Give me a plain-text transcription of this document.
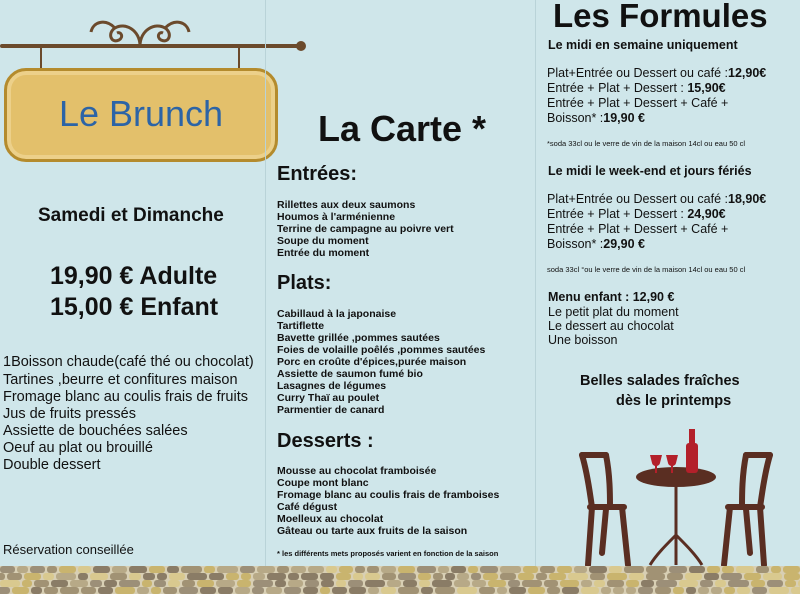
Le Brunch
Samedi et Dimanche
19,90 € Adulte
15,00 € Enfant
1Boisson chaude(café thé ou chocolat)
Tartines ,beurre et confitures maison
Fromage blanc au coulis frais de fruits
Jus de fruits pressés
Assiette de bouchées salées
Oeuf au plat ou brouillé
Double dessert
Réservation conseillée
La Carte *
Entrées:
Rillettes aux deux saumons
Houmos à l'arménienne
Terrine de campagne au poivre vert
Soupe du moment
Entrée du moment
Plats:
Cabillaud à la japonaise
Tartiflette
Bavette grillée ,pommes sautées
Foies de volaille poêlés ,pommes sautées
Porc en croûte d'épices,purée maison
Assiette de saumon fumé bio
Lasagnes de légumes
Curry Thaï au poulet
Parmentier de canard
Desserts :
Mousse au chocolat framboisée
Coupe mont blanc
Fromage blanc au coulis frais de framboises
Café dégust
Moelleux au chocolat
Gâteau ou tarte aux fruits de la saison
* les différents mets proposés varient en fonction de la saison
Les Formules
Le midi en semaine uniquement
Plat+Entrée ou Dessert ou café :12,90€
Entrée + Plat + Dessert : 15,90€
Entrée + Plat + Dessert + Café +
Boisson* :19,90 €
*soda 33cl ou le verre de vin de la maison 14cl ou eau 50 cl
Le midi le week-end et jours fériés
Plat+Entrée ou Dessert ou café :18,90€
Entrée + Plat + Dessert : 24,90€
Entrée + Plat + Dessert + Café +
Boisson* :29,90 €
soda 33cl °ou le verre de vin de la maison 14cl ou eau 50 cl
Menu enfant : 12,90 €
Le petit plat du moment
Le dessert au chocolat
Une boisson
Belles salades fraîches
dès le printemps
